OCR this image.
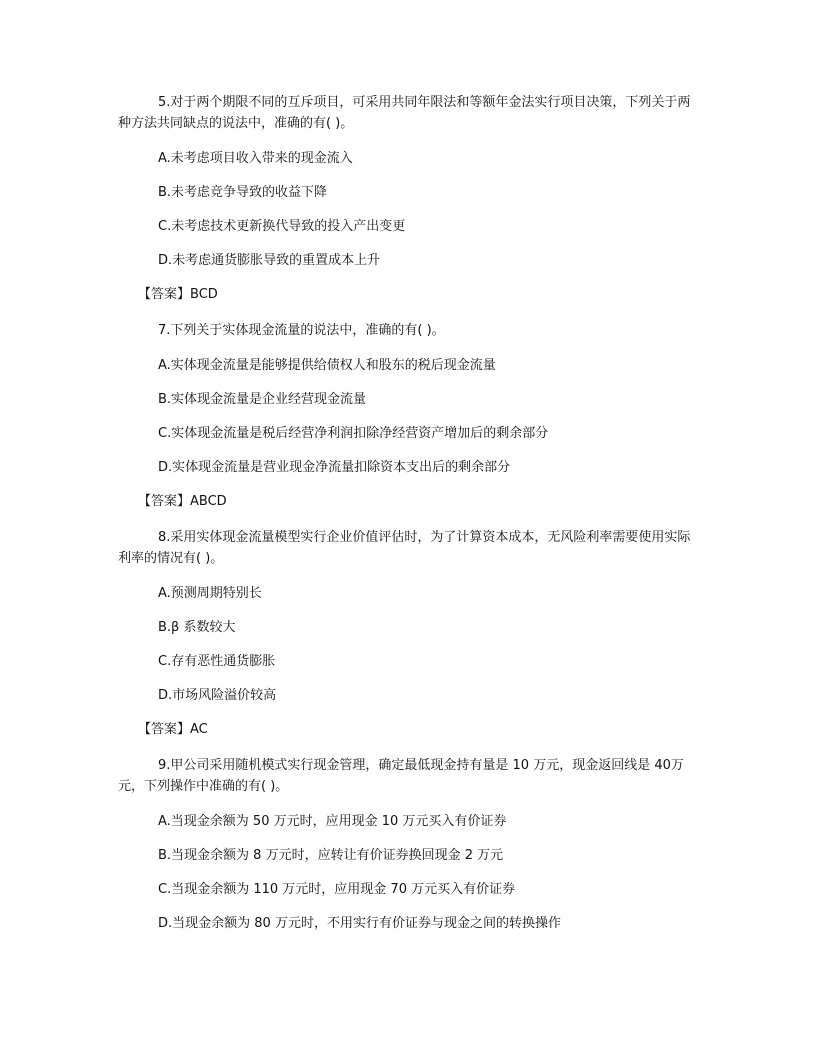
5.对于两个期限不同的互斥项目，可采用共同年限法和等额年金法实行项目决策，下列关于两种方法共同缺点的说法中，准确的有( )。

A.未考虑项目收入带来的现金流入

B.未考虑竞争导致的收益下降

C.未考虑技术更新换代导致的投入产出变更

D.未考虑通货膨胀导致的重置成本上升

【答案】BCD

7.下列关于实体现金流量的说法中，准确的有( )。

A.实体现金流量是能够提供给债权人和股东的税后现金流量

B.实体现金流量是企业经营现金流量

C.实体现金流量是税后经营净利润扣除净经营资产增加后的剩余部分

D.实体现金流量是营业现金净流量扣除资本支出后的剩余部分

【答案】ABCD

8.采用实体现金流量模型实行企业价值评估时，为了计算资本成本，无风险利率需要使用实际利率的情况有( )。

A.预测周期特别长

B.β 系数较大

C.存有恶性通货膨胀

D.市场风险溢价较高

【答案】AC

9.甲公司采用随机模式实行现金管理，确定最低现金持有量是 10 万元，现金返回线是 40万元，下列操作中准确的有( )。

A.当现金余额为 50 万元时，应用现金 10 万元买入有价证券

B.当现金余额为 8 万元时，应转让有价证券换回现金 2 万元

C.当现金余额为 110 万元时，应用现金 70 万元买入有价证券

D.当现金余额为 80 万元时，不用实行有价证券与现金之间的转换操作
